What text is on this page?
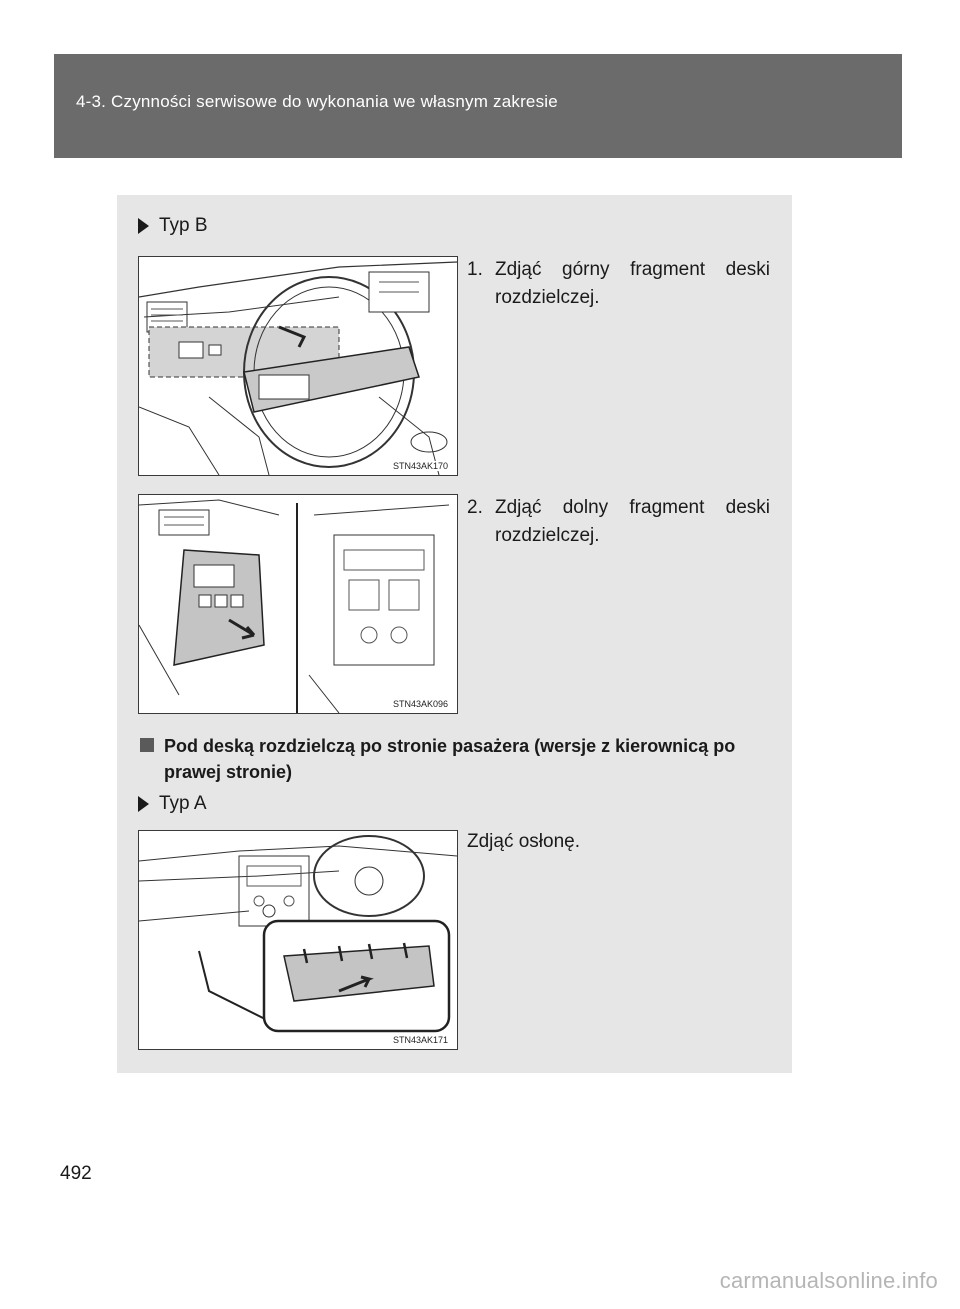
4-3. Czynności serwisowe do wykonania we własnym zakresie
Typ B
STN43AK170
1. Zdjąć górny fragment deski
rozdzielczej.
STN43AK096
2. Zdjąć dolny fragment deski
rozdzielczej.
Pod deską rozdzielczą po stronie pasażera (wersje z kierownicą po prawej stronie)
Typ A
STN43AK171
Zdjąć osłonę.
492
carmanualsonline.info
